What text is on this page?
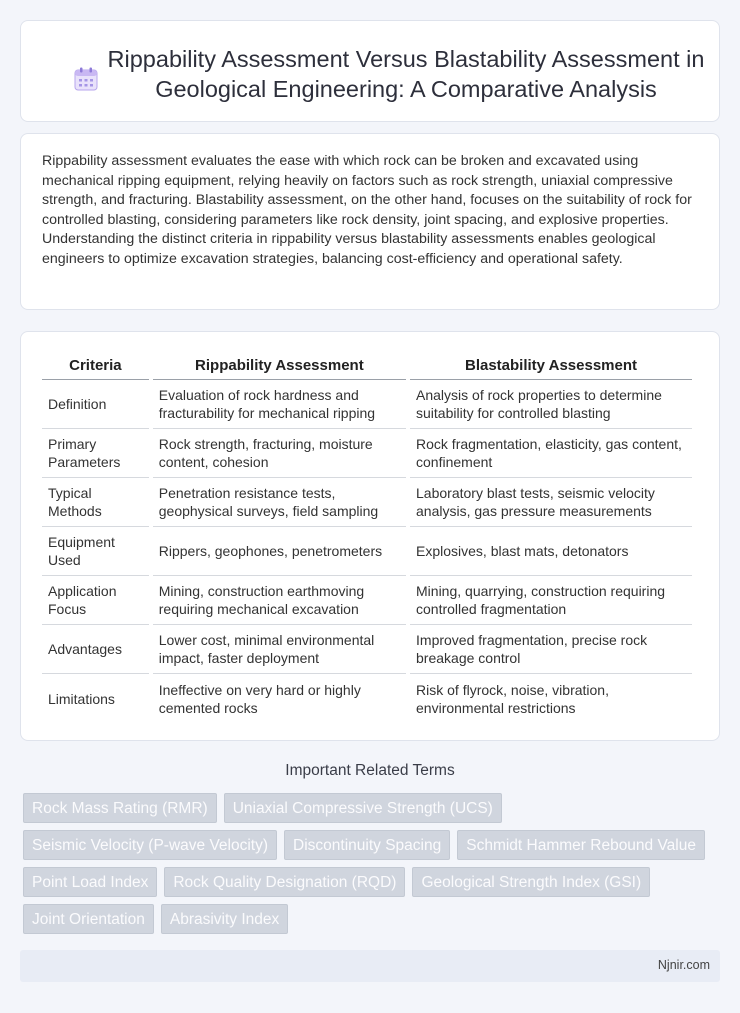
Rippability Assessment Versus Blastability Assessment in Geological Engineering: A Comparative Analysis

Rippability assessment evaluates the ease with which rock can be broken and excavated using mechanical ripping equipment, relying heavily on factors such as rock strength, uniaxial compressive strength, and fracturing. Blastability assessment, on the other hand, focuses on the suitability of rock for controlled blasting, considering parameters like rock density, joint spacing, and explosive properties. Understanding the distinct criteria in rippability versus blastability assessments enables geological engineers to optimize excavation strategies, balancing cost-efficiency and operational safety.

Criteria	Rippability Assessment	Blastability Assessment
Definition	Evaluation of rock hardness and fracturability for mechanical ripping	Analysis of rock properties to determine suitability for controlled blasting
Primary Parameters	Rock strength, fracturing, moisture content, cohesion	Rock fragmentation, elasticity, gas content, confinement
Typical Methods	Penetration resistance tests, geophysical surveys, field sampling	Laboratory blast tests, seismic velocity analysis, gas pressure measurements
Equipment Used	Rippers, geophones, penetrometers	Explosives, blast mats, detonators
Application Focus	Mining, construction earthmoving requiring mechanical excavation	Mining, quarrying, construction requiring controlled fragmentation
Advantages	Lower cost, minimal environmental impact, faster deployment	Improved fragmentation, precise rock breakage control
Limitations	Ineffective on very hard or highly cemented rocks	Risk of flyrock, noise, vibration, environmental restrictions
Important Related Terms
Rock Mass Rating (RMR)	Uniaxial Compressive Strength (UCS)
Seismic Velocity (P-wave Velocity)	Discontinuity Spacing	Schmidt Hammer Rebound Value
Point Load Index	Rock Quality Designation (RQD)	Geological Strength Index (GSI)
Joint Orientation	Abrasivity Index
Njnir.com
